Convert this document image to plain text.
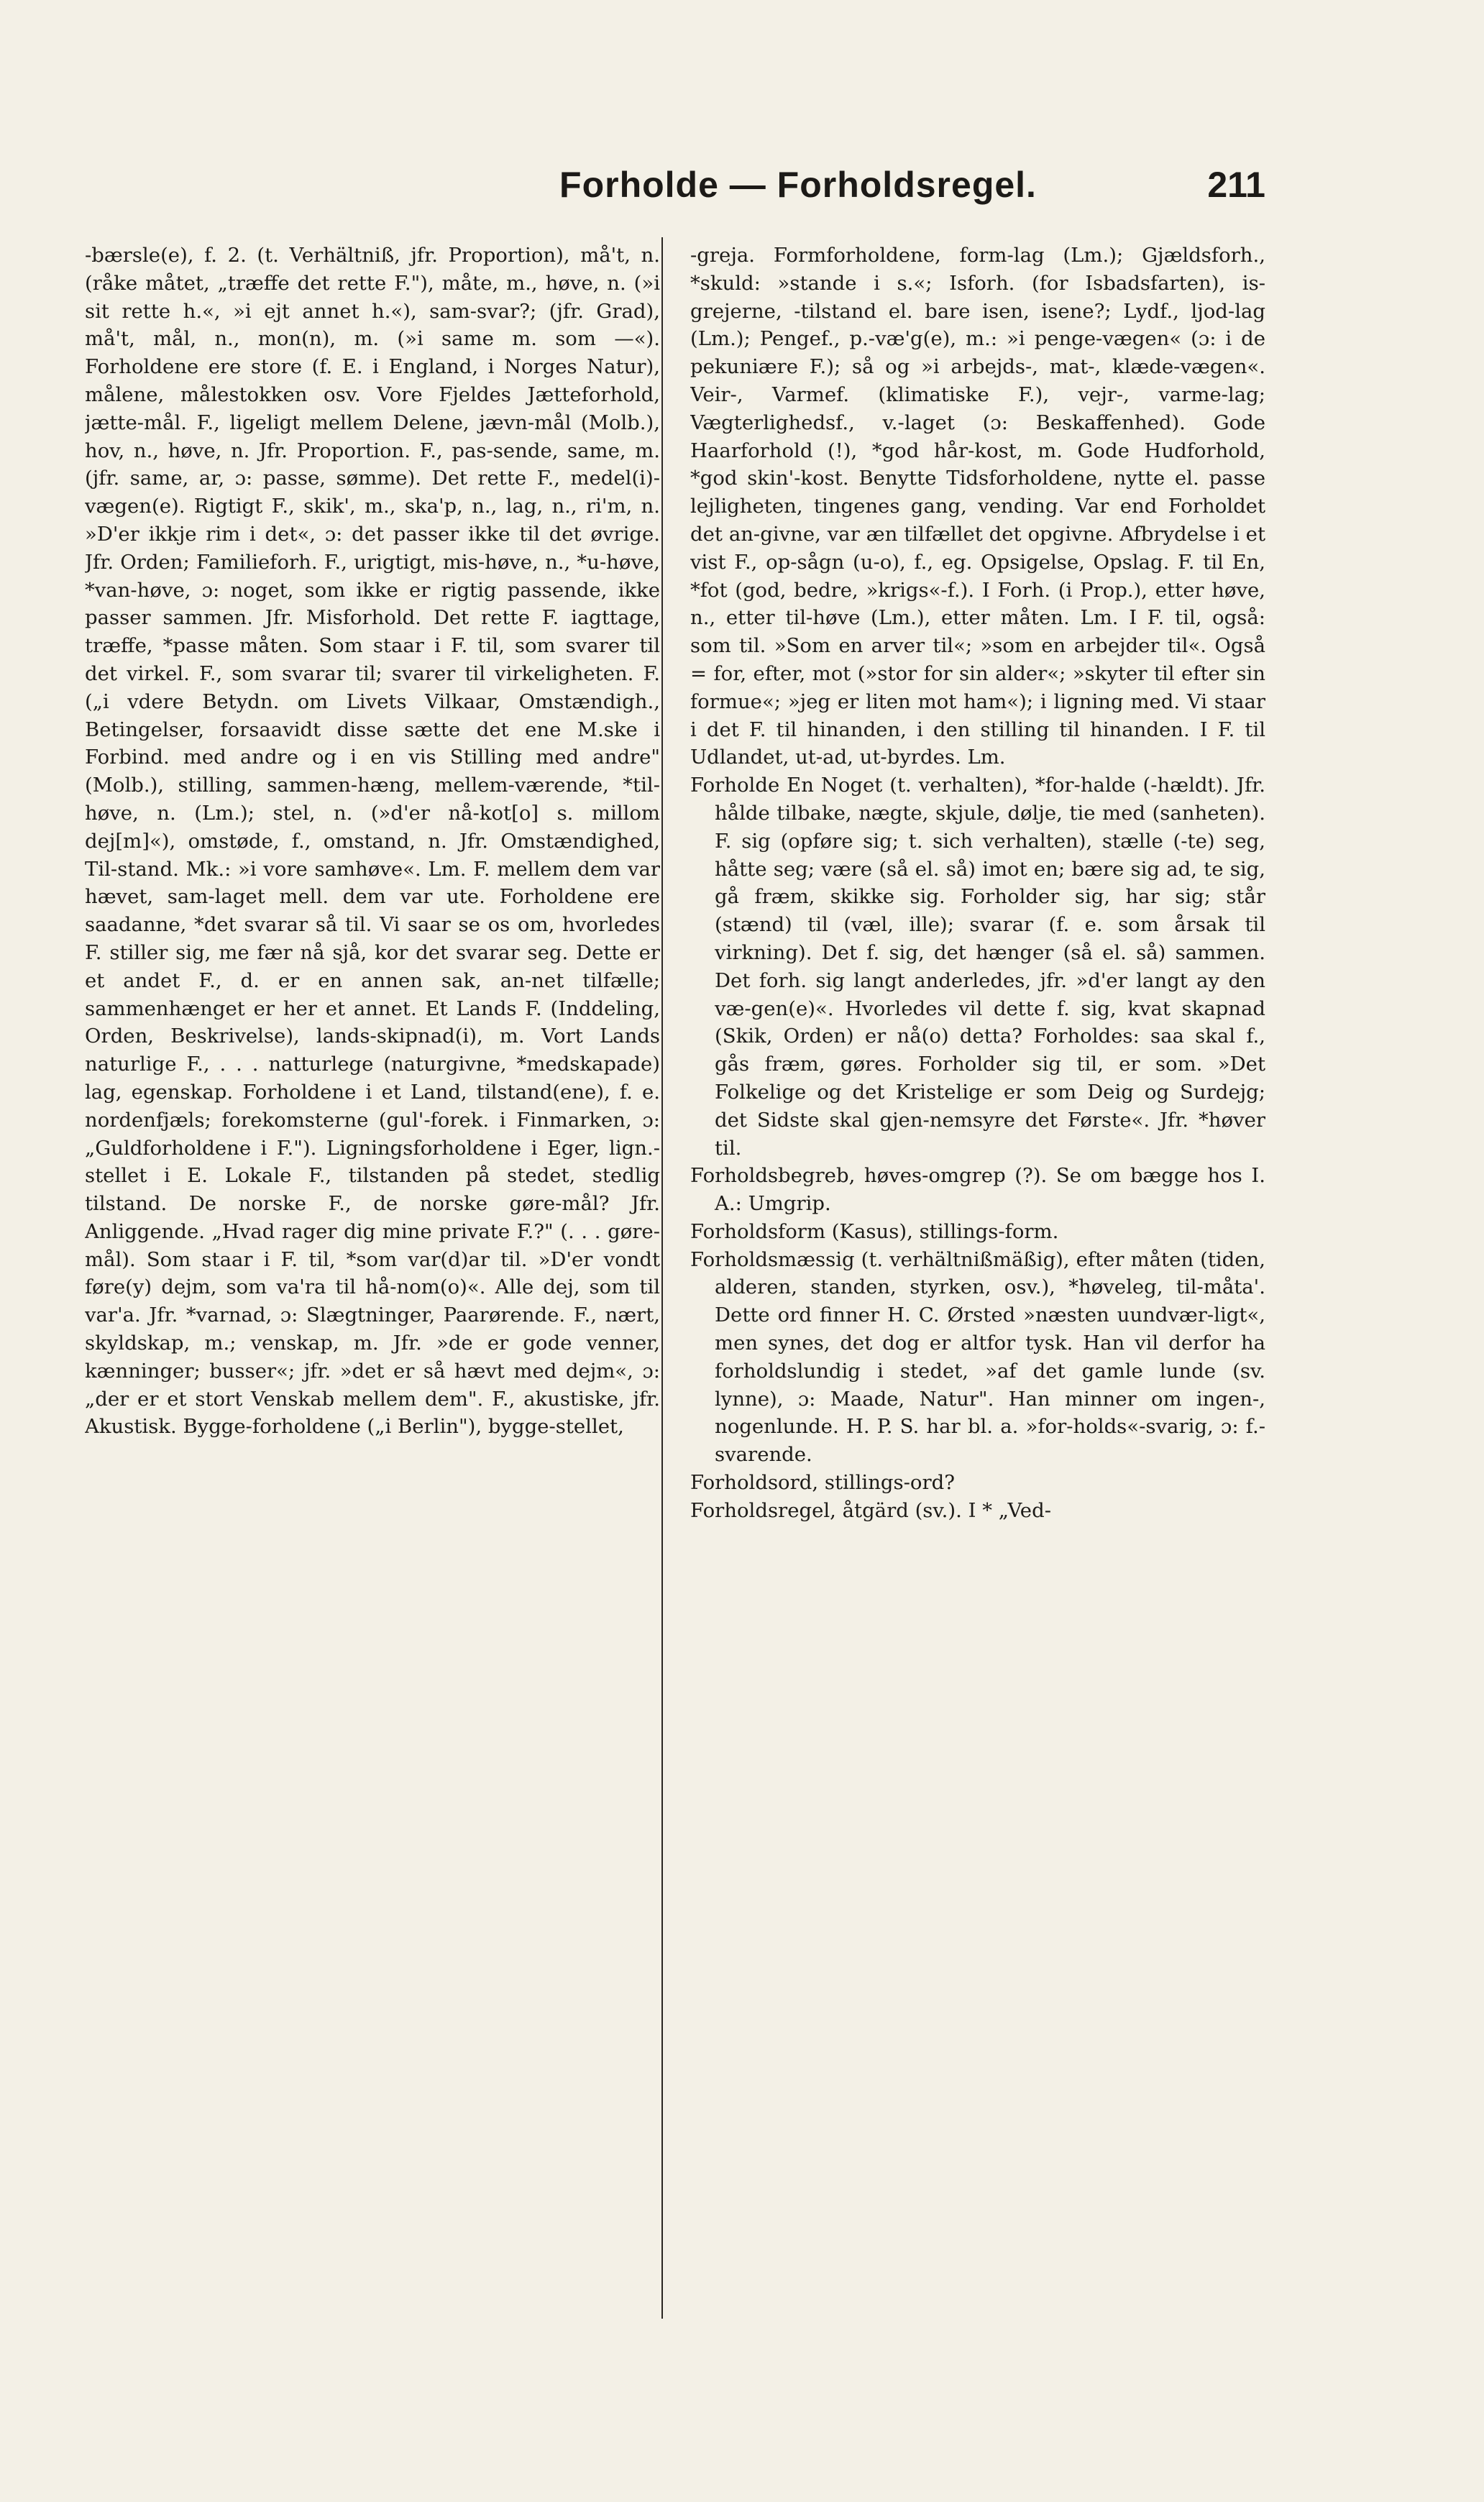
Forholde — Forholdsregel.	211

-bærsle(e), f. 2. (t. Verhältniß, jfr. Proportion), må't, n. (råke måtet, „træffe det rette F."), måte, m., høve, n. (»i sit rette h.«, »i ejt annet h.«), sam-svar?; (jfr. Grad), må't, mål, n., mon(n), m. (»i same m. som —«). Forholdene ere store (f. E. i England, i Norges Natur), målene, målestokken osv. Vore Fjeldes Jætteforhold, jætte-mål. F., ligeligt mellem Delene, jævn-mål (Molb.), hov, n., høve, n. Jfr. Proportion. F., pas-sende, same, m. (jfr. same, ar, ɔ: passe, sømme). Det rette F., medel(i)-vægen(e). Rigtigt F., skik', m., ska'p, n., lag, n., ri'm, n. »D'er ikkje rim i det«, ɔ: det passer ikke til det øvrige. Jfr. Orden; Familieforh. F., urigtigt, mis-høve, n., *u-høve, *van-høve, ɔ: noget, som ikke er rigtig passende, ikke passer sammen. Jfr. Misforhold. Det rette F. iagttage, træffe, *passe måten. Som staar i F. til, som svarer til det virkel. F., som svarar til; svarer til virkeligheten. F. („i vdere Betydn. om Livets Vilkaar, Omstændigh., Betingelser, forsaavidt disse sætte det ene M.ske i Forbind. med andre og i en vis Stilling med andre" (Molb.), stilling, sammen-hæng, mellem-værende, *til-høve, n. (Lm.); stel, n. (»d'er nå-kot[o] s. millom dej[m]«), omstøde, f., omstand, n. Jfr. Omstændighed, Til-stand. Mk.: »i vore samhøve«. Lm. F. mellem dem var hævet, sam-laget mell. dem var ute. Forholdene ere saadanne, *det svarar så til. Vi saar se os om, hvorledes F. stiller sig, me fær nå sjå, kor det svarar seg. Dette er et andet F., d. er en annen sak, an-net tilfælle; sammenhænget er her et annet. Et Lands F. (Inddeling, Orden, Beskrivelse), lands-skipnad(i), m. Vort Lands naturlige F., . . . natturlege (naturgivne, *medskapade) lag, egenskap. Forholdene i et Land, tilstand(ene), f. e. nordenfjæls; forekomsterne (gul'-forek. i Finmarken, ɔ: „Guldforholdene i F."). Ligningsforholdene i Eger, lign.-stellet i E. Lokale F., tilstanden på stedet, stedlig tilstand. De norske F., de norske gøre-mål? Jfr. Anliggende. „Hvad rager dig mine private F.?" (. . . gøre-mål). Som staar i F. til, *som var(d)ar til. »D'er vondt føre(y) dejm, som va'ra til hå-nom(o)«. Alle dej, som til var'a. Jfr. *varnad, ɔ: Slægtninger, Paarørende. F., nært, skyldskap, m.; venskap, m. Jfr. »de er gode venner, kænninger; busser«; jfr. »det er så hævt med dejm«, ɔ: „der er et stort Venskab mellem dem". F., akustiske, jfr. Akustisk. Bygge-forholdene („i Berlin"), bygge-stellet,

-greja. Formforholdene, form-lag (Lm.); Gjældsforh., *skuld: »stande i s.«; Isforh. (for Isbadsfarten), is-grejerne, -tilstand el. bare isen, isene?; Lydf., ljod-lag (Lm.); Pengef., p.-væ'g(e), m.: »i penge-vægen« (ɔ: i de pekuniære F.); så og »i arbejds-, mat-, klæde-vægen«. Veir-, Varmef. (klimatiske F.), vejr-, varme-lag; Vægterlighedsf., v.-laget (ɔ: Beskaffenhed). Gode Haarforhold (!), *god hår-kost, m. Gode Hudforhold, *god skin'-kost. Benytte Tidsforholdene, nytte el. passe lejligheten, tingenes gang, vending. Var end Forholdet det an-givne, var æn tilfællet det opgivne. Afbrydelse i et vist F., op-sågn (u-o), f., eg. Opsigelse, Opslag. F. til En, *fot (god, bedre, »krigs«-f.). I Forh. (i Prop.), etter høve, n., etter til-høve (Lm.), etter måten. Lm. I F. til, også: som til. »Som en arver til«; »som en arbejder til«. Også = for, efter, mot (»stor for sin alder«; »skyter til efter sin formue«; »jeg er liten mot ham«); i ligning med. Vi staar i det F. til hinanden, i den stilling til hinanden. I F. til Udlandet, ut-ad, ut-byrdes. Lm.

Forholde En Noget (t. verhalten), *for-halde (-hældt). Jfr. hålde tilbake, nægte, skjule, dølje, tie med (sanheten). F. sig (opføre sig; t. sich verhalten), stælle (-te) seg, håtte seg; være (så el. så) imot en; bære sig ad, te sig, gå fræm, skikke sig. Forholder sig, har sig; står (stænd) til (væl, ille); svarar (f. e. som årsak til virkning). Det f. sig, det hænger (så el. så) sammen. Det forh. sig langt anderledes, jfr. »d'er langt ay den væ-gen(e)«. Hvorledes vil dette f. sig, kvat skapnad (Skik, Orden) er nå(o) detta? Forholdes: saa skal f., gås fræm, gøres. Forholder sig til, er som. »Det Folkelige og det Kristelige er som Deig og Surdejg; det Sidste skal gjen-nemsyre det Første«. Jfr. *høver til.

Forholdsbegreb, høves-omgrep (?). Se om bægge hos I. A.: Umgrip.

Forholdsform (Kasus), stillings-form.

Forholdsmæssig (t. verhältnißmäßig), efter måten (tiden, alderen, standen, styrken, osv.), *høveleg, til-måta'. Dette ord finner H. C. Ørsted »næsten uundvær-ligt«, men synes, det dog er altfor tysk. Han vil derfor ha forholdslundig i stedet, »af det gamle lunde (sv. lynne), ɔ: Maade, Natur". Han minner om ingen-, nogenlunde. H. P. S. har bl. a. »for-holds«-svarig, ɔ: f.-svarende.

Forholdsord, stillings-ord?

Forholdsregel, åtgärd (sv.). I * „Ved-
